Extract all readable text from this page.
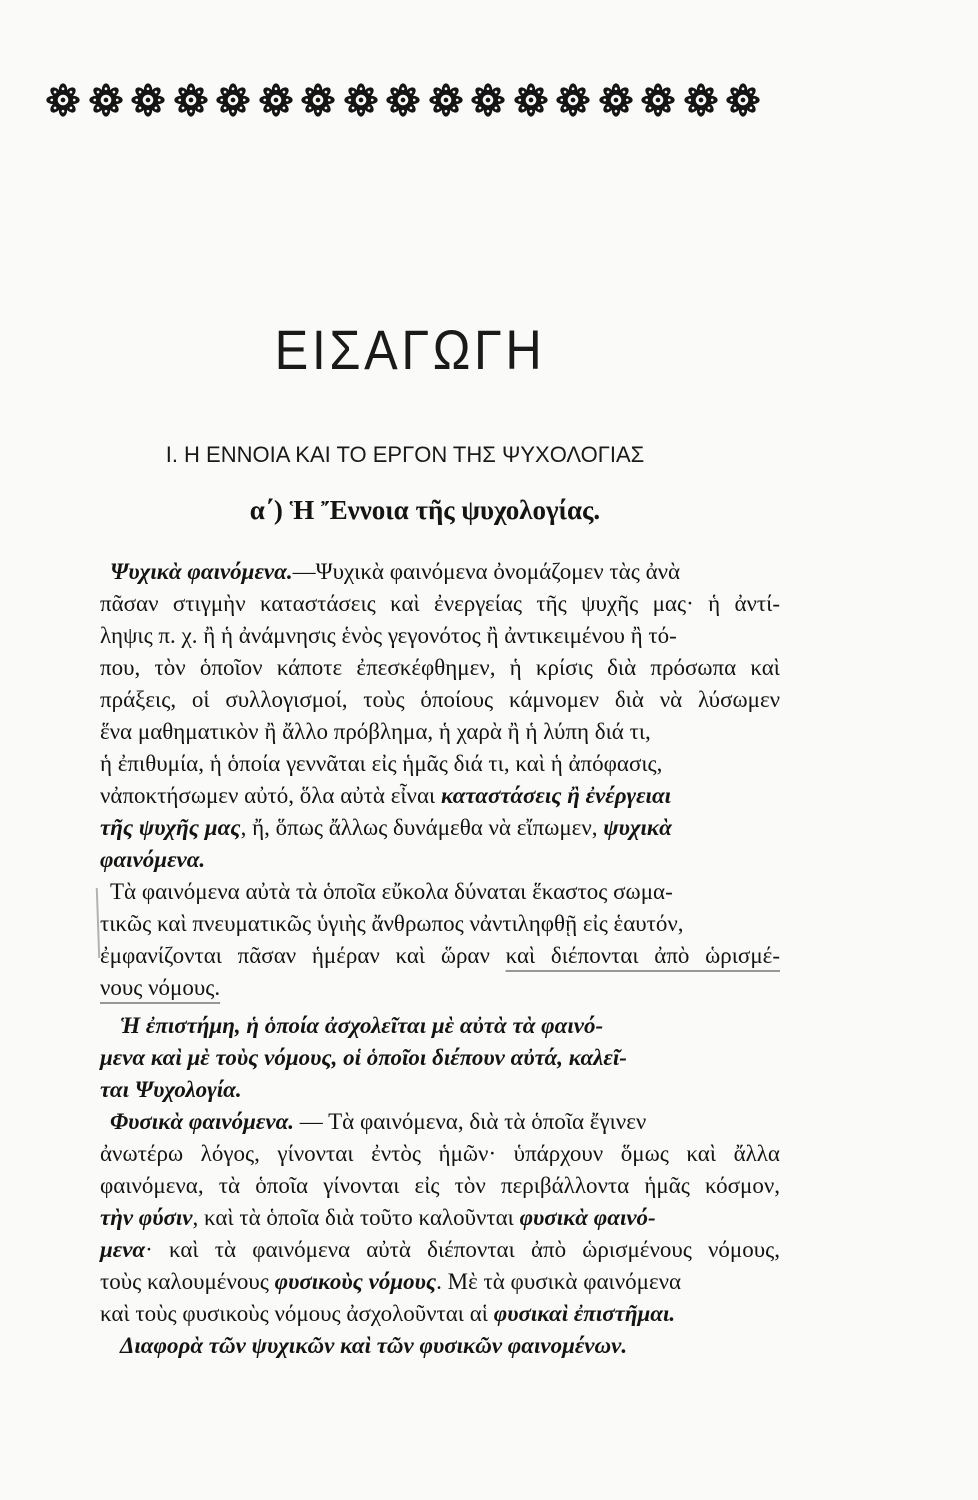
ΕΙΣΑΓΩΓΗ
Ι. Η ΕΝΝΟΙΑ ΚΑΙ ΤΟ ΕΡΓΟΝ ΤΗΣ ΨΥΧΟΛΟΓΙΑΣ
α΄) Ἡ Ἔννοια τῆς ψυχολογίας.
Ψυχικὰ φαινόμενα.—Ψυχικὰ φαινόμενα ὀνομάζομεν τὰς ἀνὰ
πᾶσαν στιγμὴν καταστάσεις καὶ ἐνεργείας τῆς ψυχῆς μας· ἡ ἀντί-
ληψις π. χ. ἢ ἡ ἀνάμνησις ἑνὸς γεγονότος ἢ ἀντικειμένου ἢ τό-
που, τὸν ὁποῖον κάποτε ἐπεσκέφθημεν, ἡ κρίσις διὰ πρόσωπα καὶ
πράξεις, οἱ συλλογισμοί, τοὺς ὁποίους κάμνομεν διὰ νὰ λύσωμεν
ἕνα μαθηματικὸν ἢ ἄλλο πρόβλημα, ἡ χαρὰ ἢ ἡ λύπη διά τι,
ἡ ἐπιθυμία, ἡ ὁποία γεννᾶται εἰς ἡμᾶς διά τι, καὶ ἡ ἀπόφασις,
νἀποκτήσωμεν αὐτό, ὅλα αὐτὰ εἶναι καταστάσεις ἢ ἐνέργειαι
τῆς ψυχῆς μας, ἤ, ὅπως ἄλλως δυνάμεθα νὰ εἴπωμεν, ψυχικὰ
φαινόμενα.
Τὰ φαινόμενα αὐτὰ τὰ ὁποῖα εὔκολα δύναται ἕκαστος σωμα-
τικῶς καὶ πνευματικῶς ὑγιὴς ἄνθρωπος νἀντιληφθῇ εἰς ἑαυτόν,
ἐμφανίζονται πᾶσαν ἡμέραν καὶ ὥραν καὶ διέπονται ἀπὸ ὡρισμέ-
νους νόμους.
Ἡ ἐπιστήμη, ἡ ὁποία ἀσχολεῖται μὲ αὐτὰ τὰ φαινό-
μενα καὶ μὲ τοὺς νόμους, οἱ ὁποῖοι διέπουν αὐτά, καλεῖ-
ται Ψυχολογία.
Φυσικὰ φαινόμενα. — Τὰ φαινόμενα, διὰ τὰ ὁποῖα ἔγινεν
ἀνωτέρω λόγος, γίνονται ἐντὸς ἡμῶν· ὑπάρχουν ὅμως καὶ ἄλλα
φαινόμενα, τὰ ὁποῖα γίνονται εἰς τὸν περιβάλλοντα ἡμᾶς κόσμον,
τὴν φύσιν, καὶ τὰ ὁποῖα διὰ τοῦτο καλοῦνται φυσικὰ φαινό-
μενα· καὶ τὰ φαινόμενα αὐτὰ διέπονται ἀπὸ ὡρισμένους νόμους,
τοὺς καλουμένους φυσικοὺς νόμους. Μὲ τὰ φυσικὰ φαινόμενα
καὶ τοὺς φυσικοὺς νόμους ἀσχολοῦνται αἱ φυσικαὶ ἐπιστῆμαι.
Διαφορὰ τῶν ψυχικῶν καὶ τῶν φυσικῶν φαινομένων.
